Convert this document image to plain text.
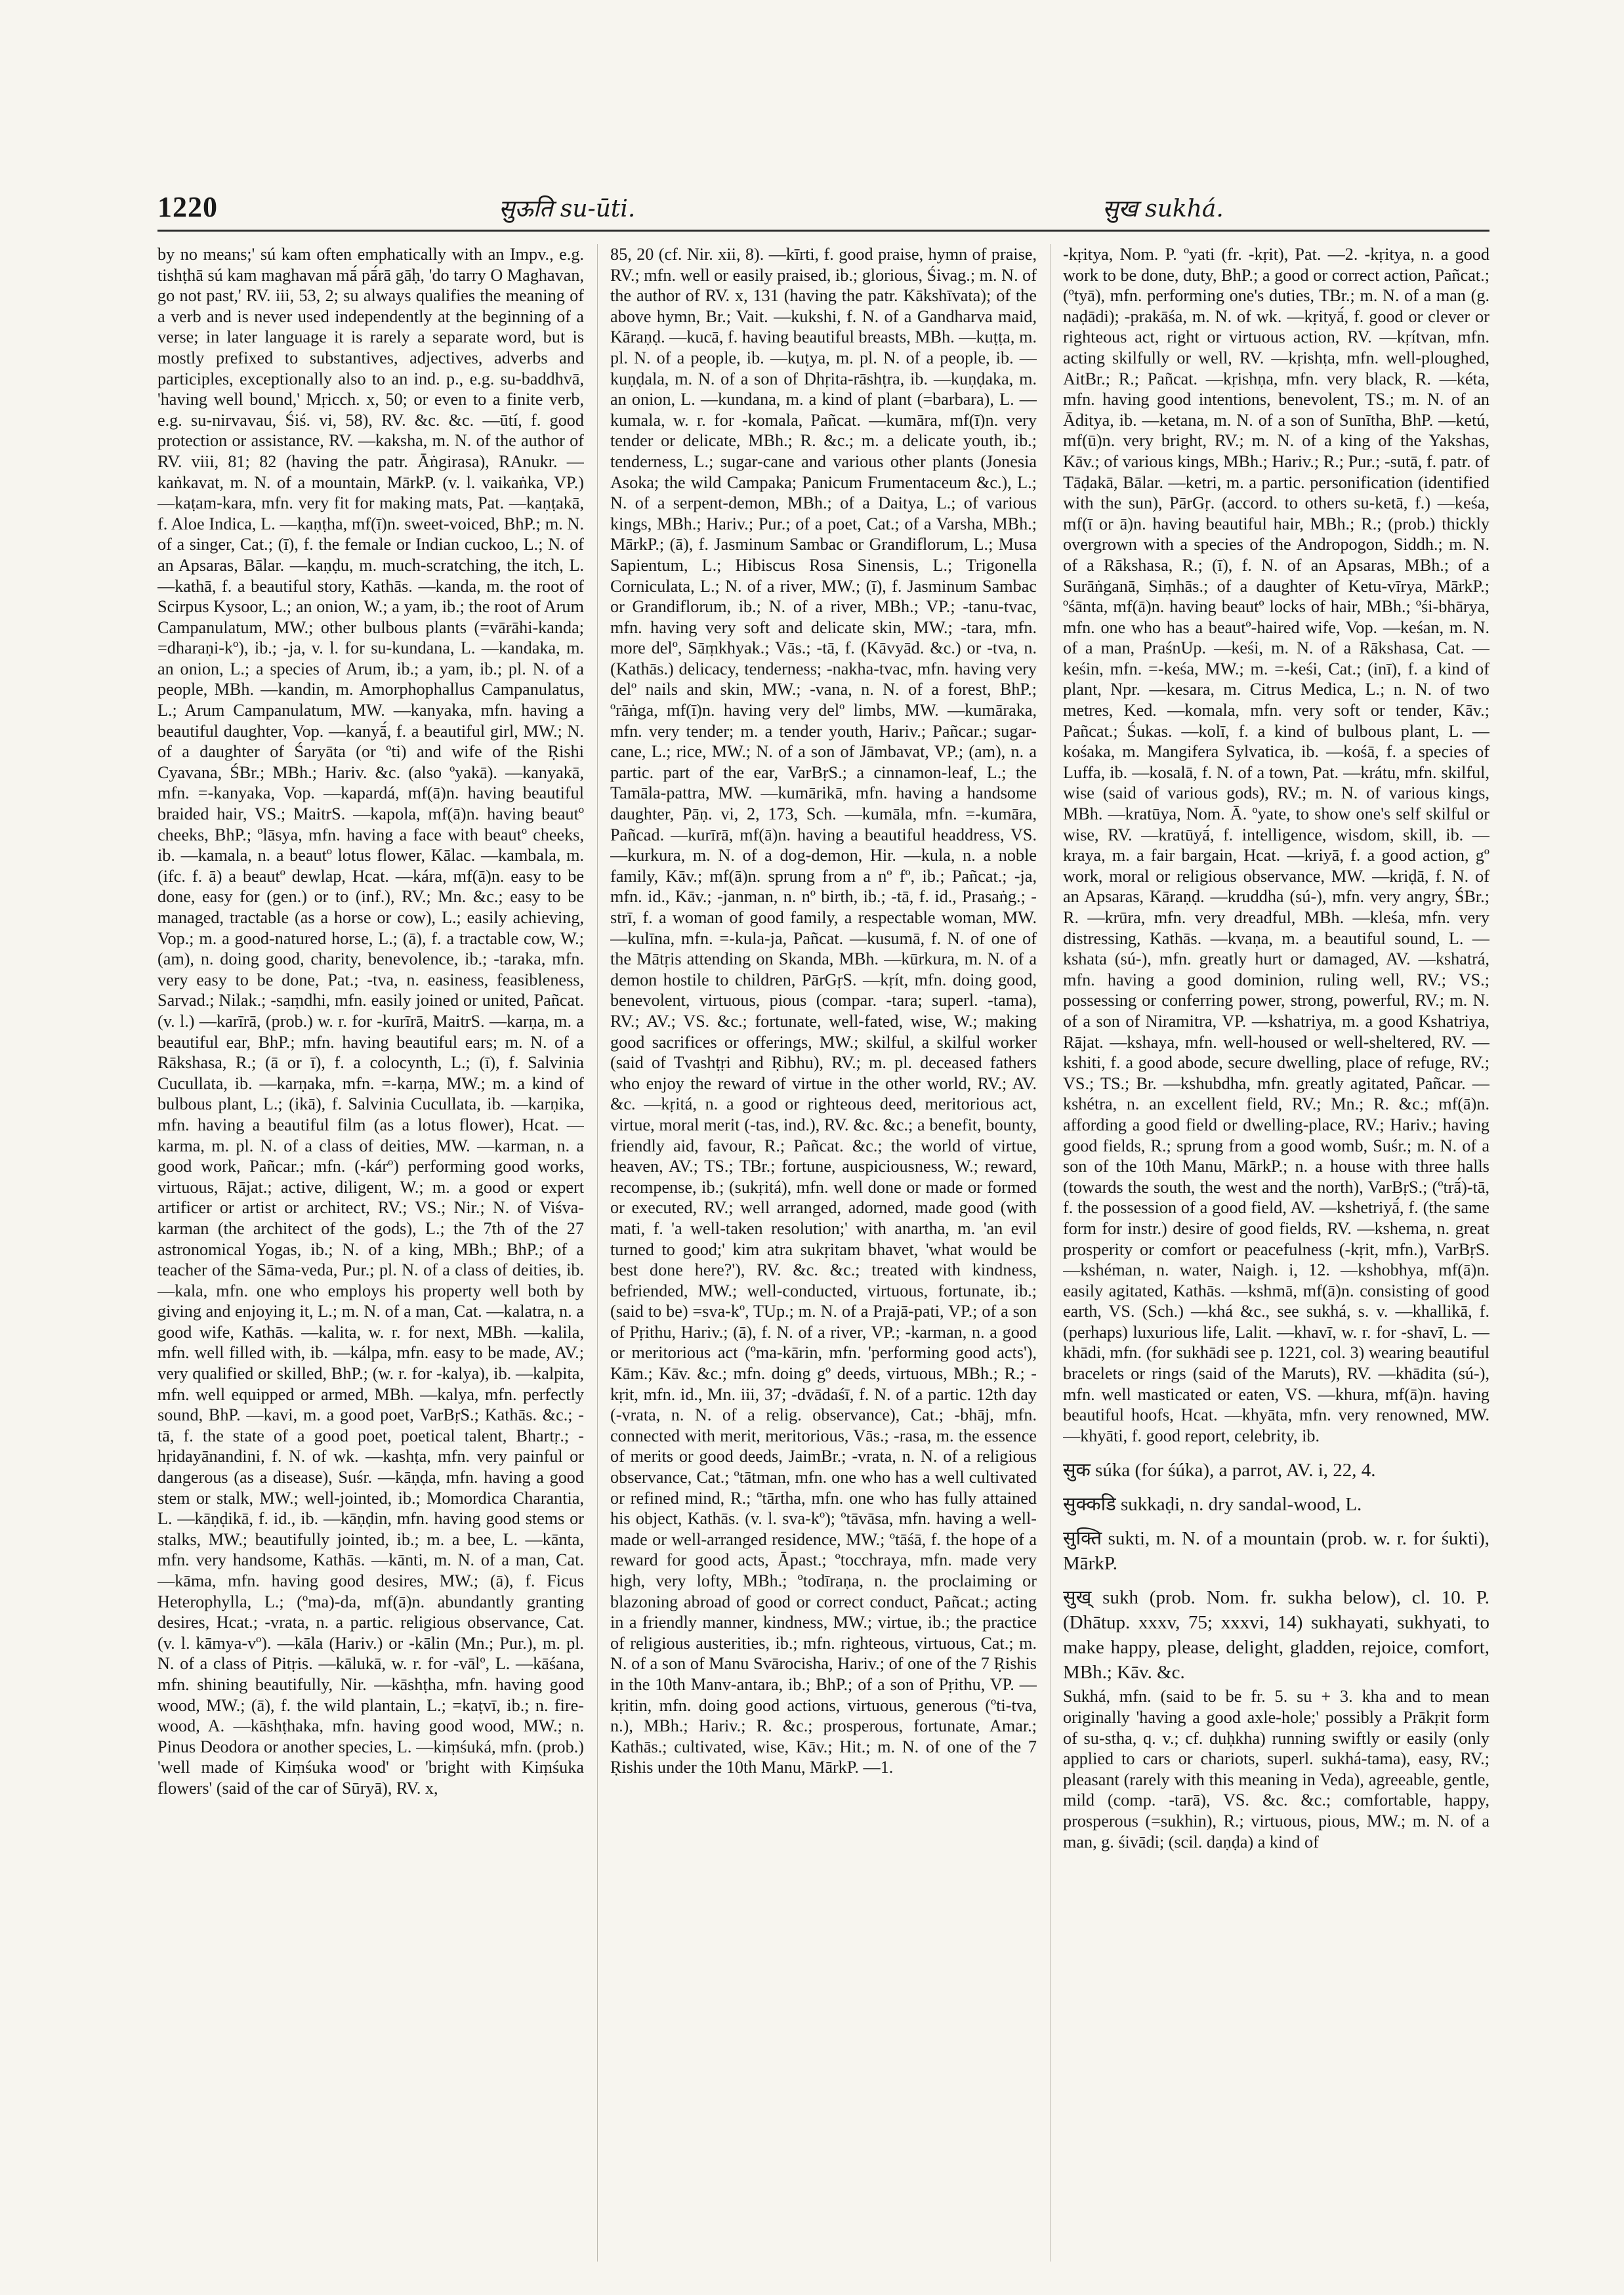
1220	सुऊति su-ūti.	सुख sukhá.

by no means;' sú kam often emphatically with an Impv., e.g. tishṭhā sú kam maghavan mā́ pā́rā gāḥ, 'do tarry O Maghavan, go not past,' RV. iii, 53, 2; su always qualifies the meaning of a verb and is never used independently at the beginning of a verse; in later language it is rarely a separate word, but is mostly prefixed to substantives, adjectives, adverbs and participles, exceptionally also to an ind. p., e.g. su-baddhvā, 'having well bound,' Mṛicch. x, 50; or even to a finite verb, e.g. su-nirvavau, Śiś. vi, 58), RV. &c. &c. —ūtí, f. good protection or assistance, RV. —kaksha, m. N. of the author of RV. viii, 81; 82 (having the patr. Āṅgirasa), RAnukr. —kaṅkavat, m. N. of a mountain, MārkP. (v. l. vaikaṅka, VP.) —kaṭam-kara, mfn. very fit for making mats, Pat. —kaṇṭakā, f. Aloe Indica, L. —kaṇṭha, mf(ī)n. sweet-voiced, BhP.; m. N. of a singer, Cat.; (ī), f. the female or Indian cuckoo, L.; N. of an Apsaras, Bālar. —kaṇḍu, m. much-scratching, the itch, L. —kathā, f. a beautiful story, Kathās. —kanda, m. the root of Scirpus Kysoor, L.; an onion, W.; a yam, ib.; the root of Arum Campanulatum, MW.; other bulbous plants (=vārāhi-kanda; =dharaṇi-kº), ib.; -ja, v. l. for su-kundana, L. —kandaka, m. an onion, L.; a species of Arum, ib.; a yam, ib.; pl. N. of a people, MBh. —kandin, m. Amorphophallus Campanulatus, L.; Arum Campanulatum, MW. —kanyaka, mfn. having a beautiful daughter, Vop. —kanyā́, f. a beautiful girl, MW.; N. of a daughter of Śaryāta (or ºti) and wife of the Ṛishi Cyavana, ŚBr.; MBh.; Hariv. &c. (also ºyakā). —kanyakā, mfn. =-kanyaka, Vop. —kapardá, mf(ā)n. having beautiful braided hair, VS.; MaitrS. —kapola, mf(ā)n. having beautº cheeks, BhP.; ºlāsya, mfn. having a face with beautº cheeks, ib. —kamala, n. a beautº lotus flower, Kālac. —kambala, m. (ifc. f. ā) a beautº dewlap, Hcat. —kára, mf(ā)n. easy to be done, easy for (gen.) or to (inf.), RV.; Mn. &c.; easy to be managed, tractable (as a horse or cow), L.; easily achieving, Vop.; m. a good-natured horse, L.; (ā), f. a tractable cow, W.; (am), n. doing good, charity, benevolence, ib.; -taraka, mfn. very easy to be done, Pat.; -tva, n. easiness, feasibleness, Sarvad.; Nilak.; -saṃdhi, mfn. easily joined or united, Pañcat. (v. l.) —karīrā, (prob.) w. r. for -kurīrā, MaitrS. —karṇa, m. a beautiful ear, BhP.; mfn. having beautiful ears; m. N. of a Rākshasa, R.; (ā or ī), f. a colocynth, L.; (ī), f. Salvinia Cucullata, ib. —karṇaka, mfn. =-karṇa, MW.; m. a kind of bulbous plant, L.; (ikā), f. Salvinia Cucullata, ib. —karṇika, mfn. having a beautiful film (as a lotus flower), Hcat. —karma, m. pl. N. of a class of deities, MW. —karman, n. a good work, Pañcar.; mfn. (-kárº) performing good works, virtuous, Rājat.; active, diligent, W.; m. a good or expert artificer or artist or architect, RV.; VS.; Nir.; N. of Viśva-karman (the architect of the gods), L.; the 7th of the 27 astronomical Yogas, ib.; N. of a king, MBh.; BhP.; of a teacher of the Sāma-veda, Pur.; pl. N. of a class of deities, ib. —kala, mfn. one who employs his property well both by giving and enjoying it, L.; m. N. of a man, Cat. —kalatra, n. a good wife, Kathās. —kalita, w. r. for next, MBh. —kalila, mfn. well filled with, ib. —kálpa, mfn. easy to be made, AV.; very qualified or skilled, BhP.; (w. r. for -kalya), ib. —kalpita, mfn. well equipped or armed, MBh. —kalya, mfn. perfectly sound, BhP. —kavi, m. a good poet, VarBṛS.; Kathās. &c.; -tā, f. the state of a good poet, poetical talent, Bhartṛ.; -hṛidayānandini, f. N. of wk. —kashṭa, mfn. very painful or dangerous (as a disease), Suśr. —kāṇḍa, mfn. having a good stem or stalk, MW.; well-jointed, ib.; Momordica Charantia, L. —kāṇḍikā, f. id., ib. —kāṇḍin, mfn. having good stems or stalks, MW.; beautifully jointed, ib.; m. a bee, L. —kānta, mfn. very handsome, Kathās. —kānti, m. N. of a man, Cat. —kāma, mfn. having good desires, MW.; (ā), f. Ficus Heterophylla, L.; (ºma)-da, mf(ā)n. abundantly granting desires, Hcat.; -vrata, n. a partic. religious observance, Cat. (v. l. kāmya-vº). —kāla (Hariv.) or -kālin (Mn.; Pur.), m. pl. N. of a class of Pitṛis. —kālukā, w. r. for -vālº, L. —kāśana, mfn. shining beautifully, Nir. —kāshṭha, mfn. having good wood, MW.; (ā), f. the wild plantain, L.; =kaṭvī, ib.; n. fire-wood, A. —kāshṭhaka, mfn. having good wood, MW.; n. Pinus Deodora or another species, L. —kiṃśuká, mfn. (prob.) 'well made of Kiṃśuka wood' or 'bright with Kiṃśuka flowers' (said of the car of Sūryā), RV. x,

85, 20 (cf. Nir. xii, 8). —kīrti, f. good praise, hymn of praise, RV.; mfn. well or easily praised, ib.; glorious, Śivag.; m. N. of the author of RV. x, 131 (having the patr. Kākshīvata); of the above hymn, Br.; Vait. —kukshi, f. N. of a Gandharva maid, Kāraṇḍ. —kucā, f. having beautiful breasts, MBh. —kuṭṭa, m. pl. N. of a people, ib. —kuṭya, m. pl. N. of a people, ib. —kuṇḍala, m. N. of a son of Dhṛita-rāshṭra, ib. —kuṇḍaka, m. an onion, L. —kundana, m. a kind of plant (=barbara), L. —kumala, w. r. for -komala, Pañcat. —kumāra, mf(ī)n. very tender or delicate, MBh.; R. &c.; m. a delicate youth, ib.; tenderness, L.; sugar-cane and various other plants (Jonesia Asoka; the wild Campaka; Panicum Frumentaceum &c.), L.; N. of a serpent-demon, MBh.; of a Daitya, L.; of various kings, MBh.; Hariv.; Pur.; of a poet, Cat.; of a Varsha, MBh.; MārkP.; (ā), f. Jasminum Sambac or Grandiflorum, L.; Musa Sapientum, L.; Hibiscus Rosa Sinensis, L.; Trigonella Corniculata, L.; N. of a river, MW.; (ī), f. Jasminum Sambac or Grandiflorum, ib.; N. of a river, MBh.; VP.; -tanu-tvac, mfn. having very soft and delicate skin, MW.; -tara, mfn. more delº, Sāṃkhyak.; Vās.; -tā, f. (Kāvyād. &c.) or -tva, n. (Kathās.) delicacy, tenderness; -nakha-tvac, mfn. having very delº nails and skin, MW.; -vana, n. N. of a forest, BhP.; ºrāṅga, mf(ī)n. having very delº limbs, MW. —kumāraka, mfn. very tender; m. a tender youth, Hariv.; Pañcar.; sugar-cane, L.; rice, MW.; N. of a son of Jāmbavat, VP.; (am), n. a partic. part of the ear, VarBṛS.; a cinnamon-leaf, L.; the Tamāla-pattra, MW. —kumārikā, mfn. having a handsome daughter, Pāṇ. vi, 2, 173, Sch. —kumāla, mfn. =-kumāra, Pañcad. —kurīrā, mf(ā)n. having a beautiful headdress, VS. —kurkura, m. N. of a dog-demon, Hir. —kula, n. a noble family, Kāv.; mf(ā)n. sprung from a nº fº, ib.; Pañcat.; -ja, mfn. id., Kāv.; -janman, n. nº birth, ib.; -tā, f. id., Prasaṅg.; -strī, f. a woman of good family, a respectable woman, MW. —kulīna, mfn. =-kula-ja, Pañcat. —kusumā, f. N. of one of the Mātṛis attending on Skanda, MBh. —kūrkura, m. N. of a demon hostile to children, PārGṛS. —kṛít, mfn. doing good, benevolent, virtuous, pious (compar. -tara; superl. -tama), RV.; AV.; VS. &c.; fortunate, well-fated, wise, W.; making good sacrifices or offerings, MW.; skilful, a skilful worker (said of Tvashṭṛi and Ṛibhu), RV.; m. pl. deceased fathers who enjoy the reward of virtue in the other world, RV.; AV. &c. —kṛitá, n. a good or righteous deed, meritorious act, virtue, moral merit (-tas, ind.), RV. &c. &c.; a benefit, bounty, friendly aid, favour, R.; Pañcat. &c.; the world of virtue, heaven, AV.; TS.; TBr.; fortune, auspiciousness, W.; reward, recompense, ib.; (sukṛitá), mfn. well done or made or formed or executed, RV.; well arranged, adorned, made good (with mati, f. 'a well-taken resolution;' with anartha, m. 'an evil turned to good;' kim atra sukṛitam bhavet, 'what would be best done here?'), RV. &c. &c.; treated with kindness, befriended, MW.; well-conducted, virtuous, fortunate, ib.; (said to be) =sva-kº, TUp.; m. N. of a Prajā-pati, VP.; of a son of Pṛithu, Hariv.; (ā), f. N. of a river, VP.; -karman, n. a good or meritorious act (ºma-kārin, mfn. 'performing good acts'), Kām.; Kāv. &c.; mfn. doing gº deeds, virtuous, MBh.; R.; -kṛit, mfn. id., Mn. iii, 37; -dvādaśī, f. N. of a partic. 12th day (-vrata, n. N. of a relig. observance), Cat.; -bhāj, mfn. connected with merit, meritorious, Vās.; -rasa, m. the essence of merits or good deeds, JaimBr.; -vrata, n. N. of a religious observance, Cat.; ºtātman, mfn. one who has a well cultivated or refined mind, R.; ºtārtha, mfn. one who has fully attained his object, Kathās. (v. l. sva-kº); ºtāvāsa, mfn. having a well-made or well-arranged residence, MW.; ºtāśā, f. the hope of a reward for good acts, Āpast.; ºtocchraya, mfn. made very high, very lofty, MBh.; ºtodīraṇa, n. the proclaiming or blazoning abroad of good or correct conduct, Pañcat.; acting in a friendly manner, kindness, MW.; virtue, ib.; the practice of religious austerities, ib.; mfn. righteous, virtuous, Cat.; m. N. of a son of Manu Svārocisha, Hariv.; of one of the 7 Ṛishis in the 10th Manv-antara, ib.; BhP.; of a son of Pṛithu, VP. —kṛitin, mfn. doing good actions, virtuous, generous (ºti-tva, n.), MBh.; Hariv.; R. &c.; prosperous, fortunate, Amar.; Kathās.; cultivated, wise, Kāv.; Hit.; m. N. of one of the 7 Ṛishis under the 10th Manu, MārkP. —1.

-kṛitya, Nom. P. ºyati (fr. -kṛit), Pat. —2. -kṛitya, n. a good work to be done, duty, BhP.; a good or correct action, Pañcat.; (ºtyā), mfn. performing one's duties, TBr.; m. N. of a man (g. naḍādi); -prakāśa, m. N. of wk. —kṛityā́, f. good or clever or righteous act, right or virtuous action, RV. —kṛítvan, mfn. acting skilfully or well, RV. —kṛishṭa, mfn. well-ploughed, AitBr.; R.; Pañcat. —kṛishṇa, mfn. very black, R. —kéta, mfn. having good intentions, benevolent, TS.; m. N. of an Āditya, ib. —ketana, m. N. of a son of Sunītha, BhP. —ketú, mf(ū)n. very bright, RV.; m. N. of a king of the Yakshas, Kāv.; of various kings, MBh.; Hariv.; R.; Pur.; -sutā, f. patr. of Tāḍakā, Bālar. —ketri, m. a partic. personification (identified with the sun), PārGṛ. (accord. to others su-ketā, f.) —keśa, mf(ī or ā)n. having beautiful hair, MBh.; R.; (prob.) thickly overgrown with a species of the Andropogon, Siddh.; m. N. of a Rākshasa, R.; (ī), f. N. of an Apsaras, MBh.; of a Surāṅganā, Siṃhās.; of a daughter of Ketu-vīrya, MārkP.; ºśānta, mf(ā)n. having beautº locks of hair, MBh.; ºśi-bhārya, mfn. one who has a beautº-haired wife, Vop. —keśan, m. N. of a man, PraśnUp. —keśi, m. N. of a Rākshasa, Cat. —keśin, mfn. =-keśa, MW.; m. =-keśi, Cat.; (inī), f. a kind of plant, Npr. —kesara, m. Citrus Medica, L.; n. N. of two metres, Ked. —komala, mfn. very soft or tender, Kāv.; Pañcat.; Śukas. —kolī, f. a kind of bulbous plant, L. —kośaka, m. Mangifera Sylvatica, ib. —kośā, f. a species of Luffa, ib. —kosalā, f. N. of a town, Pat. —krátu, mfn. skilful, wise (said of various gods), RV.; m. N. of various kings, MBh. —kratūya, Nom. Ā. ºyate, to show one's self skilful or wise, RV. —kratūyā́, f. intelligence, wisdom, skill, ib. —kraya, m. a fair bargain, Hcat. —kriyā, f. a good action, gº work, moral or religious observance, MW. —kriḍā, f. N. of an Apsaras, Kāraṇḍ. —kruddha (sú-), mfn. very angry, ŚBr.; R. —krūra, mfn. very dreadful, MBh. —kleśa, mfn. very distressing, Kathās. —kvaṇa, m. a beautiful sound, L. —kshata (sú-), mfn. greatly hurt or damaged, AV. —kshatrá, mfn. having a good dominion, ruling well, RV.; VS.; possessing or conferring power, strong, powerful, RV.; m. N. of a son of Niramitra, VP. —kshatriya, m. a good Kshatriya, Rājat. —kshaya, mfn. well-housed or well-sheltered, RV. —kshiti, f. a good abode, secure dwelling, place of refuge, RV.; VS.; TS.; Br. —kshubdha, mfn. greatly agitated, Pañcar. —kshétra, n. an excellent field, RV.; Mn.; R. &c.; mf(ā)n. affording a good field or dwelling-place, RV.; Hariv.; having good fields, R.; sprung from a good womb, Suśr.; m. N. of a son of the 10th Manu, MārkP.; n. a house with three halls (towards the south, the west and the north), VarBṛS.; (ºtrā́)-tā, f. the possession of a good field, AV. —kshetriyā́, f. (the same form for instr.) desire of good fields, RV. —kshema, n. great prosperity or comfort or peacefulness (-kṛit, mfn.), VarBṛS. —kshéman, n. water, Naigh. i, 12. —kshobhya, mf(ā)n. easily agitated, Kathās. —kshmā, mf(ā)n. consisting of good earth, VS. (Sch.) —khá &c., see sukhá, s. v. —khallikā, f. (perhaps) luxurious life, Lalit. —khavī, w. r. for -shavī, L. —khādi, mfn. (for sukhādi see p. 1221, col. 3) wearing beautiful bracelets or rings (said of the Maruts), RV. —khādita (sú-), mfn. well masticated or eaten, VS. —khura, mf(ā)n. having beautiful hoofs, Hcat. —khyāta, mfn. very renowned, MW. —khyāti, f. good report, celebrity, ib.

सुक súka (for śúka), a parrot, AV. i, 22, 4.

सुक्कडि sukkaḍi, n. dry sandal-wood, L.

सुक्ति sukti, m. N. of a mountain (prob. w. r. for śukti), MārkP.

सुख् sukh (prob. Nom. fr. sukha below), cl. 10. P. (Dhātup. xxxv, 75; xxxvi, 14) sukhayati, sukhyati, to make happy, please, delight, gladden, rejoice, comfort, MBh.; Kāv. &c.

Sukhá, mfn. (said to be fr. 5. su + 3. kha and to mean originally 'having a good axle-hole;' possibly a Prākṛit form of su-stha, q. v.; cf. duḥkha) running swiftly or easily (only applied to cars or chariots, superl. sukhá-tama), easy, RV.; pleasant (rarely with this meaning in Veda), agreeable, gentle, mild (comp. -tarā), VS. &c. &c.; comfortable, happy, prosperous (=sukhin), R.; virtuous, pious, MW.; m. N. of a man, g. śivādi; (scil. daṇḍa) a kind of
